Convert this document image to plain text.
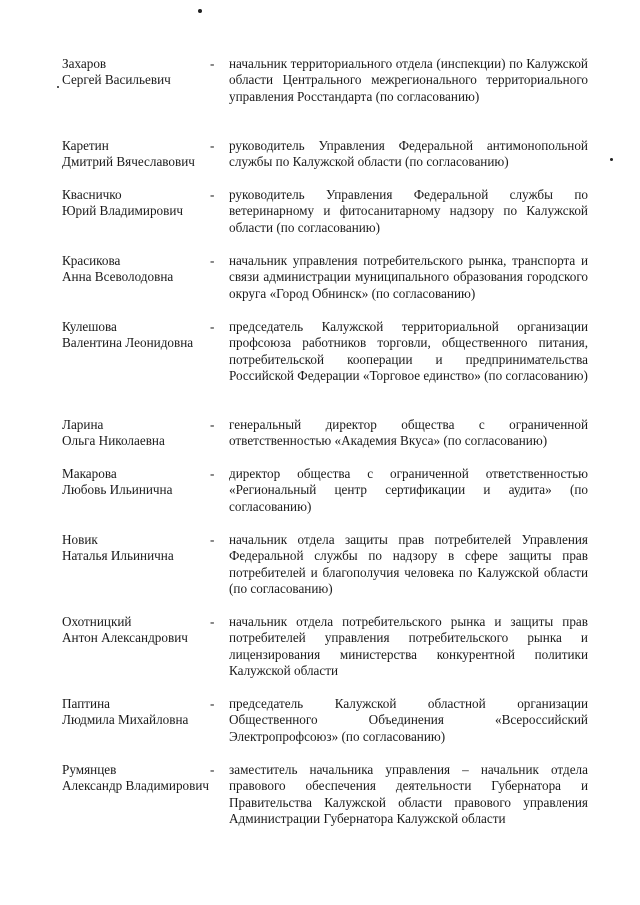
Захаров
Сергей Васильевич
- начальник территориального отдела (инспекции) по Калужской области Центрального межрегионального территориального управления Росстандарта (по согласованию)
Каретин
Дмитрий Вячеславович
- руководитель Управления Федеральной антимонопольной службы по Калужской области (по согласованию)
Квасничко
Юрий Владимирович
- руководитель Управления Федеральной службы по ветеринарному и фитосанитарному надзору по Калужской области (по согласованию)
Красикова
Анна Всеволодовна
- начальник управления потребительского рынка, транспорта и связи администрации муниципального образования городского округа «Город Обнинск» (по согласованию)
Кулешова
Валентина Леонидовна
- председатель Калужской территориальной организации профсоюза работников торговли, общественного питания, потребительской кооперации и предпринимательства Российской Федерации «Торговое единство» (по согласованию)
Ларина
Ольга Николаевна
- генеральный директор общества с ограниченной ответственностью «Академия Вкуса» (по согласованию)
Макарова
Любовь Ильинична
- директор общества с ограниченной ответственностью «Региональный центр сертификации и аудита» (по согласованию)
Новик
Наталья Ильинична
- начальник отдела защиты прав потребителей Управления Федеральной службы по надзору в сфере защиты прав потребителей и благополучия человека по Калужской области (по согласованию)
Охотницкий
Антон Александрович
- начальник отдела потребительского рынка и защиты прав потребителей управления потребительского рынка и лицензирования министерства конкурентной политики Калужской области
Паптина
Людмила Михайловна
- председатель Калужской областной организации Общественного Объединения «Всероссийский Электропрофсоюз» (по согласованию)
Румянцев
Александр Владимирович
- заместитель начальника управления – начальник отдела правового обеспечения деятельности Губернатора и Правительства Калужской области правового управления Администрации Губернатора Калужской области
